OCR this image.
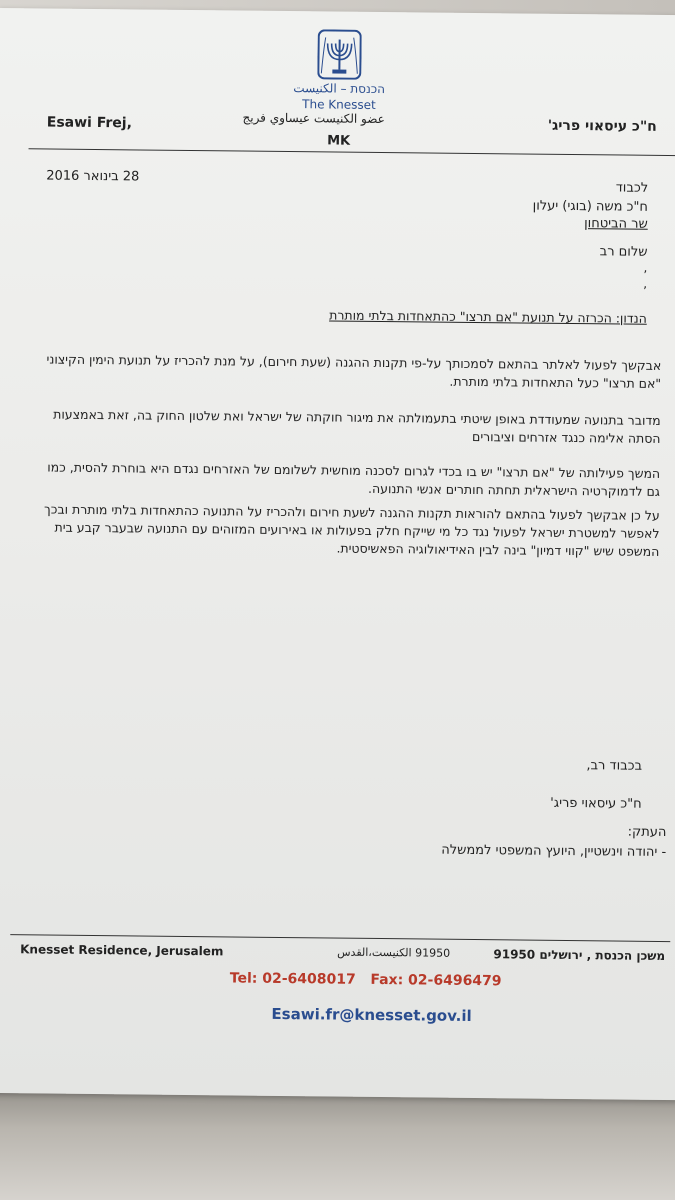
הכנסת – الكنيست
The Knesset
Esawi Frej,	عضو الكنيست عيساوي فريج
MK
ח"כ עיסאוי פריג'
28 בינואר 2016
לכבוד
ח"כ משה (בוגי) יעלון
שר הביטחון
שלום רב
,
,
הנדון: הכרזה על תנועת "אם תרצו" כהתאחדות בלתי מותרת
אבקשך לפעול לאלתר בהתאם לסמכותך על-פי תקנות ההגנה (שעת חירום), על מנת להכריז על תנועת הימין הקיצוני "אם תרצו" כעל התאחדות בלתי מותרת.
מדובר בתנועה שמעודדת באופן שיטתי בתעמולתה את מיגור חוקתה של ישראל ואת שלטון החוק בה, זאת באמצעות הסתה אלימה כנגד אזרחים וציבורים
המשך פעילותה של "אם תרצו" יש בו בכדי לגרום לסכנה מוחשית לשלומם של האזרחים נגדם היא בוחרת להסית, כמו גם לדמוקרטיה הישראלית תחתה חותרים אנשי התנועה.
על כן אבקשך לפעול בהתאם להוראות תקנות ההגנה לשעת חירום ולהכריז על התנועה כהתאחדות בלתי מותרת ובכך לאפשר למשטרת ישראל לפעול נגד כל מי שייקח חלק בפעולות או באירועים המזוהים עם התנועה שבעבר קבע בית המשפט שיש "קווי דמיון" בינה לבין האידיאולוגיה הפאשיסטית.
בכבוד רב,
ח"כ עיסאוי פריג'
העתק:
- יהודה וינשטיין, היועץ המשפטי לממשלה
Knesset Residence, Jerusalem	91950 الكنيست،القدس	משכן הכנסת , ירושלים 91950
Tel: 02-6408017   Fax: 02-6496479
Esawi.fr@knesset.gov.il
